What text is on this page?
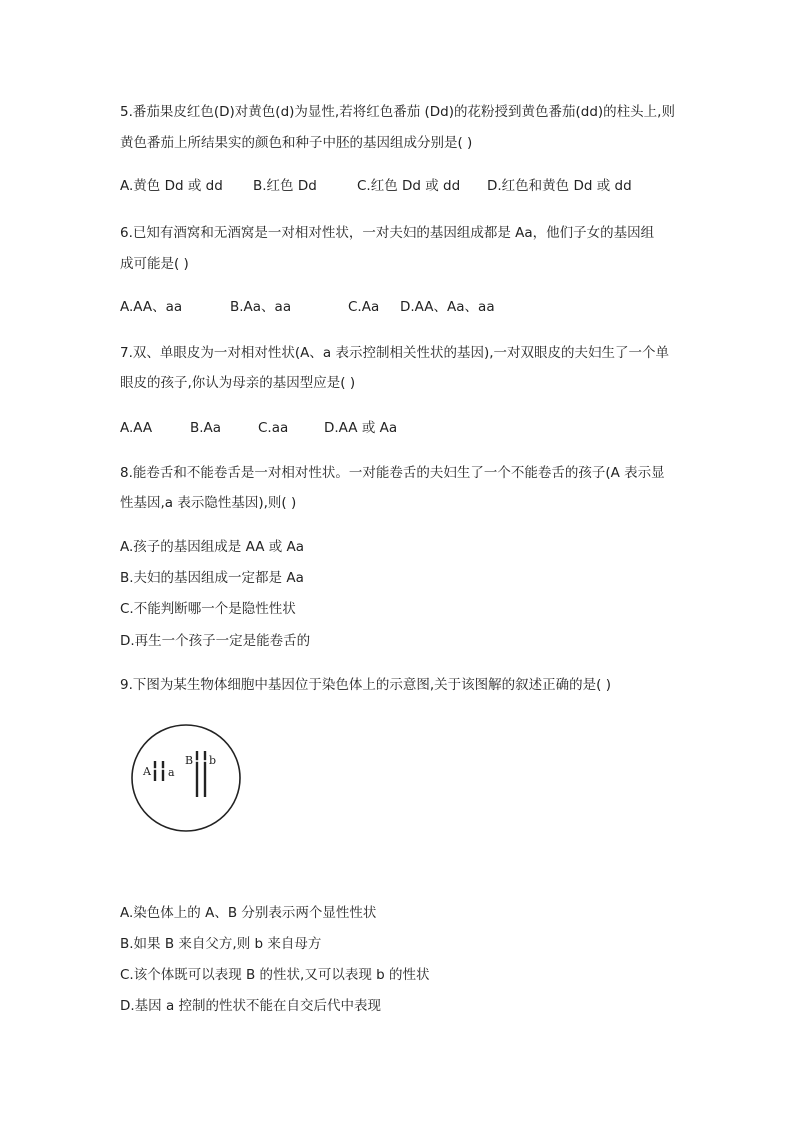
5.番茄果皮红色(D)对黄色(d)为显性,若将红色番茄 (Dd)的花粉授到黄色番茄(dd)的柱头上,则
黄色番茄上所结果实的颜色和种子中胚的基因组成分别是( )
A.黄色 Dd 或 dd B.红色 Dd	C.红色 Dd 或 dd D.红色和黄色 Dd 或 dd
6.已知有酒窝和无酒窝是一对相对性状，一对夫妇的基因组成都是 Aa，他们子女的基因组
成可能是( )
A.AA、aa	B.Aa、aa	C.Aa D.AA、Aa、aa
7.双、单眼皮为一对相对性状(A、a 表示控制相关性状的基因),一对双眼皮的夫妇生了一个单
眼皮的孩子,你认为母亲的基因型应是( )
A.AA	B.Aa	C.aa	D.AA 或 Aa
8.能卷舌和不能卷舌是一对相对性状。一对能卷舌的夫妇生了一个不能卷舌的孩子(A 表示显
性基因,a 表示隐性基因),则( )
A.孩子的基因组成是 AA 或 Aa
B.夫妇的基因组成一定都是 Aa
C.不能判断哪一个是隐性性状
D.再生一个孩子一定是能卷舌的
9.下图为某生物体细胞中基因位于染色体上的示意图,关于该图解的叙述正确的是( )
A a
B b
A.染色体上的 A、B 分别表示两个显性性状
B.如果 B 来自父方,则 b 来自母方
C.该个体既可以表现 B 的性状,又可以表现 b 的性状
D.基因 a 控制的性状不能在自交后代中表现
